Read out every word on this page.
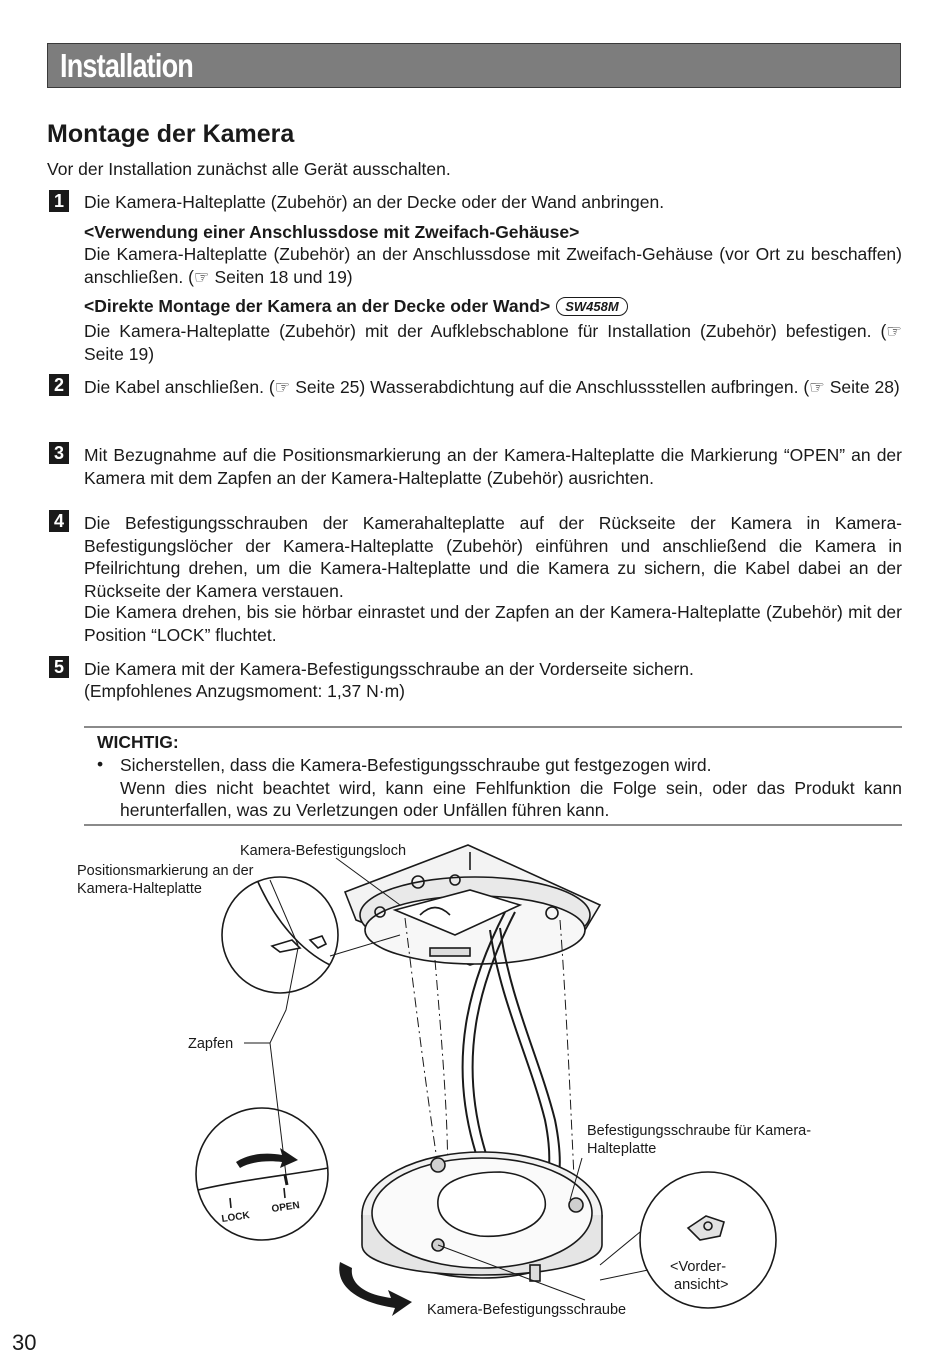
Installation
Montage der Kamera
Vor der Installation zunächst alle Gerät ausschalten.
1 Die Kamera-Halteplatte (Zubehör) an der Decke oder der Wand anbringen.
<Verwendung einer Anschlussdose mit Zweifach-Gehäuse>
Die Kamera-Halteplatte (Zubehör) an der Anschlussdose mit Zweifach-Gehäuse (vor Ort zu beschaffen) anschließen. (☞ Seiten 18 und 19)
<Direkte Montage der Kamera an der Decke oder Wand> SW458M
Die Kamera-Halteplatte (Zubehör) mit der Aufklebschablone für Installation (Zubehör) befestigen. (☞ Seite 19)
2 Die Kabel anschließen. (☞ Seite 25) Wasserabdichtung auf die Anschlussstellen aufbringen. (☞ Seite 28)
3 Mit Bezugnahme auf die Positionsmarkierung an der Kamera-Halteplatte die Markierung “OPEN” an der Kamera mit dem Zapfen an der Kamera-Halteplatte (Zubehör) ausrichten.
4 Die Befestigungsschrauben der Kamerahalteplatte auf der Rückseite der Kamera in Kamera-Befestigungslöcher der Kamera-Halteplatte (Zubehör) einführen und anschließend die Kamera in Pfeilrichtung drehen, um die Kamera-Halteplatte und die Kamera zu sichern, die Kabel dabei an der Rückseite der Kamera verstauen.
Die Kamera drehen, bis sie hörbar einrastet und der Zapfen an der Kamera-Halteplatte (Zubehör) mit der Position “LOCK” fluchtet.
5 Die Kamera mit der Kamera-Befestigungsschraube an der Vorderseite sichern.
(Empfohlenes Anzugsmoment: 1,37 N·m)
WICHTIG:
• Sicherstellen, dass die Kamera-Befestigungsschraube gut festgezogen wird.
Wenn dies nicht beachtet wird, kann eine Fehlfunktion die Folge sein, oder das Produkt kann herunterfallen, was zu Verletzungen oder Unfällen führen kann.
LOCK
OPEN
Kamera-Befestigungsloch
Positionsmarkierung an der
Kamera-Halteplatte
Zapfen
Befestigungsschraube für Kamera-
Halteplatte
<Vorder-
ansicht>
Kamera-Befestigungsschraube
30
